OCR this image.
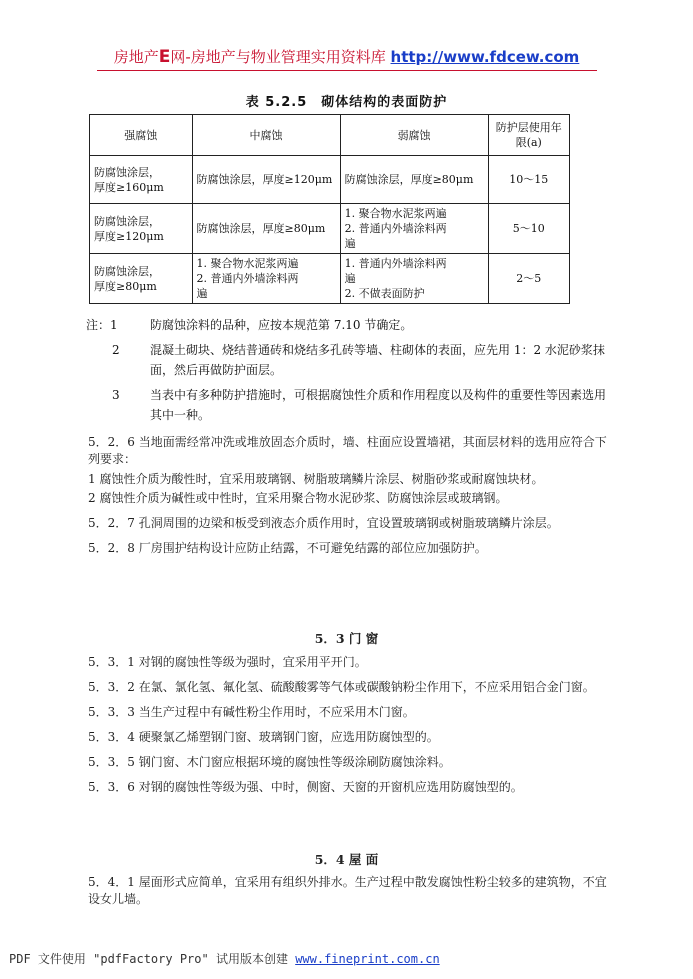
房地产E网-房地产与物业管理实用资料库 http://www.fdcew.com
表 5.2.5　砌体结构的表面防护
强腐蚀	中腐蚀	弱腐蚀	防护层使用年限(a)

防腐蚀涂层，
厚度≥160μm	防腐蚀涂层，厚度≥120μm	防腐蚀涂层，厚度≥80μm	10～15

防腐蚀涂层，
厚度≥120μm	防腐蚀涂层，厚度≥80μm	1. 聚合物水泥浆两遍
2. 普通内外墙涂料两
遍	5～10

防腐蚀涂层，
厚度≥80μm	1. 聚合物水泥浆两遍
2. 普通内外墙涂料两
遍	1. 普通内外墙涂料两
遍
2. 不做表面防护	2～5
注：1	防腐蚀涂料的品种，应按本规范第 7.10 节确定。
2	混凝土砌块、烧结普通砖和烧结多孔砖等墙、柱砌体的表面，应先用 1：2 水泥砂浆抹面，然后再做防护面层。
3	当表中有多种防护措施时，可根据腐蚀性介质和作用程度以及构件的重要性等因素选用其中一种。
5．2．6 当地面需经常冲洗或堆放固态介质时，墙、柱面应设置墙裙，其面层材料的选用应符合下列要求：
1 腐蚀性介质为酸性时，宜采用玻璃钢、树脂玻璃鳞片涂层、树脂砂浆或耐腐蚀块材。
2 腐蚀性介质为碱性或中性时，宜采用聚合物水泥砂浆、防腐蚀涂层或玻璃钢。
5．2．7 孔洞周围的边梁和板受到液态介质作用时，宜设置玻璃钢或树脂玻璃鳞片涂层。
5．2．8 厂房围护结构设计应防止结露，不可避免结露的部位应加强防护。
5．3 门 窗
5．3．1 对钢的腐蚀性等级为强时，宜采用平开门。
5．3．2 在氯、氯化氢、氟化氢、硫酸酸雾等气体或碳酸钠粉尘作用下，不应采用铝合金门窗。
5．3．3 当生产过程中有碱性粉尘作用时，不应采用木门窗。
5．3．4 硬聚氯乙烯塑钢门窗、玻璃钢门窗，应选用防腐蚀型的。
5．3．5 钢门窗、木门窗应根据环境的腐蚀性等级涂刷防腐蚀涂料。
5．3．6 对钢的腐蚀性等级为强、中时，侧窗、天窗的开窗机应选用防腐蚀型的。
5．4 屋 面
5．4．1 屋面形式应简单，宜采用有组织外排水。生产过程中散发腐蚀性粉尘较多的建筑物，不宜设女儿墙。
PDF 文件使用 "pdfFactory Pro" 试用版本创建 www.fineprint.com.cn
